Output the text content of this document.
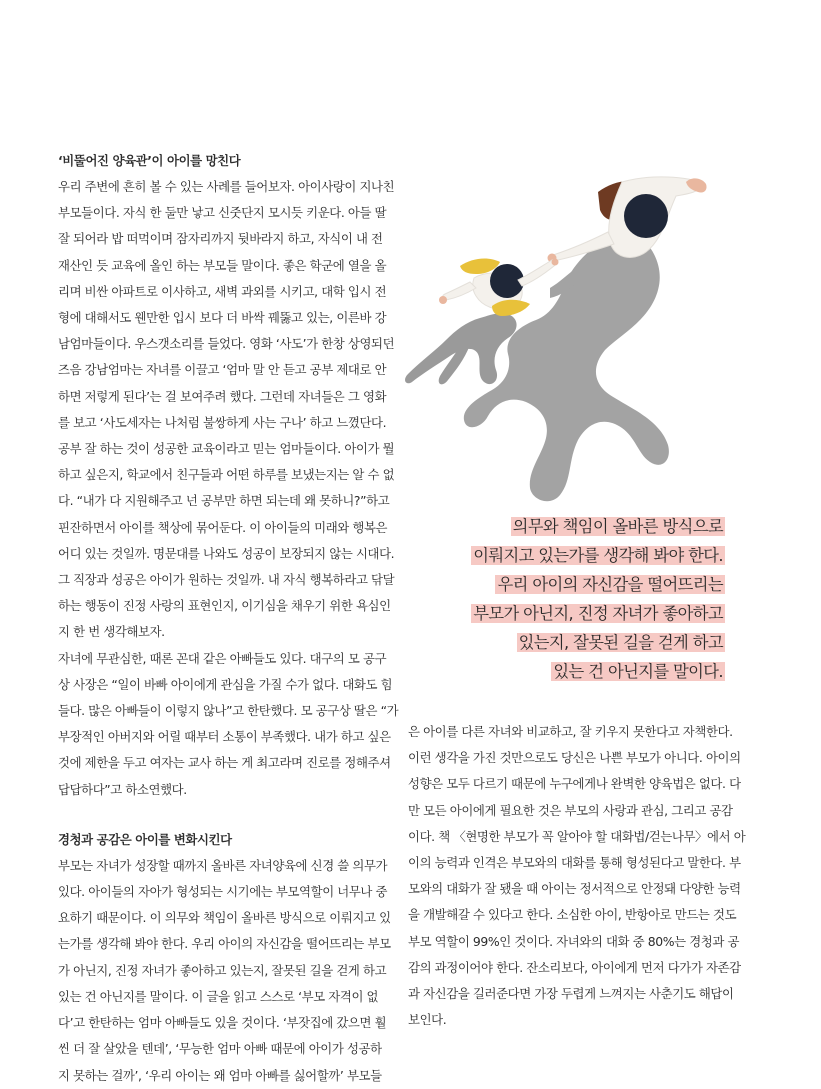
‘비뚤어진 양육관’이 아이를 망친다

우리 주변에 흔히 볼 수 있는 사례를 들어보자. 아이사랑이 지나친

부모들이다. 자식 한 둘만 낳고 신줏단지 모시듯 키운다. 아들 딸

잘 되어라 밥 떠먹이며 잠자리까지 뒷바라지 하고, 자식이 내 전

재산인 듯 교육에 올인 하는 부모들 말이다. 좋은 학군에 열을 올

리며 비싼 아파트로 이사하고, 새벽 과외를 시키고, 대학 입시 전

형에 대해서도 웬만한 입시 보다 더 바싹 꿰뚫고 있는, 이른바 강

남엄마들이다. 우스갯소리를 들었다. 영화 ‘사도’가 한창 상영되던

즈음 강남엄마는 자녀를 이끌고 ‘엄마 말 안 듣고 공부 제대로 안

하면 저렇게 된다’는 걸 보여주려 했다. 그런데 자녀들은 그 영화

를 보고 ‘사도세자는 나처럼 불쌍하게 사는 구나’ 하고 느꼈단다.

공부 잘 하는 것이 성공한 교육이라고 믿는 엄마들이다. 아이가 뭘

하고 싶은지, 학교에서 친구들과 어떤 하루를 보냈는지는 알 수 없

다. “내가 다 지원해주고 넌 공부만 하면 되는데 왜 못하니?”하고

핀잔하면서 아이를 책상에 묶어둔다. 이 아이들의 미래와 행복은

어디 있는 것일까. 명문대를 나와도 성공이 보장되지 않는 시대다.

그 직장과 성공은 아이가 원하는 것일까. 내 자식 행복하라고 닦달

하는 행동이 진정 사랑의 표현인지, 이기심을 채우기 위한 욕심인

지 한 번 생각해보자.

자녀에 무관심한, 때론 꼰대 같은 아빠들도 있다. 대구의 모 공구

상 사장은 “일이 바빠 아이에게 관심을 가질 수가 없다. 대화도 힘

들다. 많은 아빠들이 이렇지 않나”고 한탄했다. 모 공구상 딸은 “가

부장적인 아버지와 어릴 때부터 소통이 부족했다. 내가 하고 싶은

것에 제한을 두고 여자는 교사 하는 게 최고라며 진로를 정해주셔

답답하다”고 하소연했다.

경청과 공감은 아이를 변화시킨다

부모는 자녀가 성장할 때까지 올바른 자녀양육에 신경 쓸 의무가

있다. 아이들의 자아가 형성되는 시기에는 부모역할이 너무나 중

요하기 때문이다. 이 의무와 책임이 올바른 방식으로 이뤄지고 있

는가를 생각해 봐야 한다. 우리 아이의 자신감을 떨어뜨리는 부모

가 아닌지, 진정 자녀가 좋아하고 있는지, 잘못된 길을 걷게 하고

있는 건 아닌지를 말이다. 이 글을 읽고 스스로 ‘부모 자격이 없

다’고 한탄하는 엄마 아빠들도 있을 것이다. ‘부잣집에 갔으면 훨

씬 더 잘 살았을 텐데’, ‘무능한 엄마 아빠 때문에 아이가 성공하

지 못하는 걸까’, ‘우리 아이는 왜 엄마 아빠를 싫어할까’ 부모들

의무와 책임이 올바른 방식으로
이뤄지고 있는가를 생각해 봐야 한다.
우리 아이의 자신감을 떨어뜨리는
부모가 아닌지, 진정 자녀가 좋아하고
있는지, 잘못된 길을 걷게 하고
있는 건 아닌지를 말이다.

은 아이를 다른 자녀와 비교하고, 잘 키우지 못한다고 자책한다.

이런 생각을 가진 것만으로도 당신은 나쁜 부모가 아니다. 아이의

성향은 모두 다르기 때문에 누구에게나 완벽한 양육법은 없다. 다

만 모든 아이에게 필요한 것은 부모의 사랑과 관심, 그리고 공감

이다. 책 〈현명한 부모가 꼭 알아야 할 대화법/걷는나무〉에서 아

이의 능력과 인격은 부모와의 대화를 통해 형성된다고 말한다. 부

모와의 대화가 잘 됐을 때 아이는 정서적으로 안정돼 다양한 능력

을 개발해갈 수 있다고 한다. 소심한 아이, 반항아로 만드는 것도

부모 역할이 99%인 것이다. 자녀와의 대화 중 80%는 경청과 공

감의 과정이어야 한다. 잔소리보다, 아이에게 먼저 다가가 자존감

과 자신감을 길러준다면 가장 두렵게 느껴지는 사춘기도 해답이

보인다.
